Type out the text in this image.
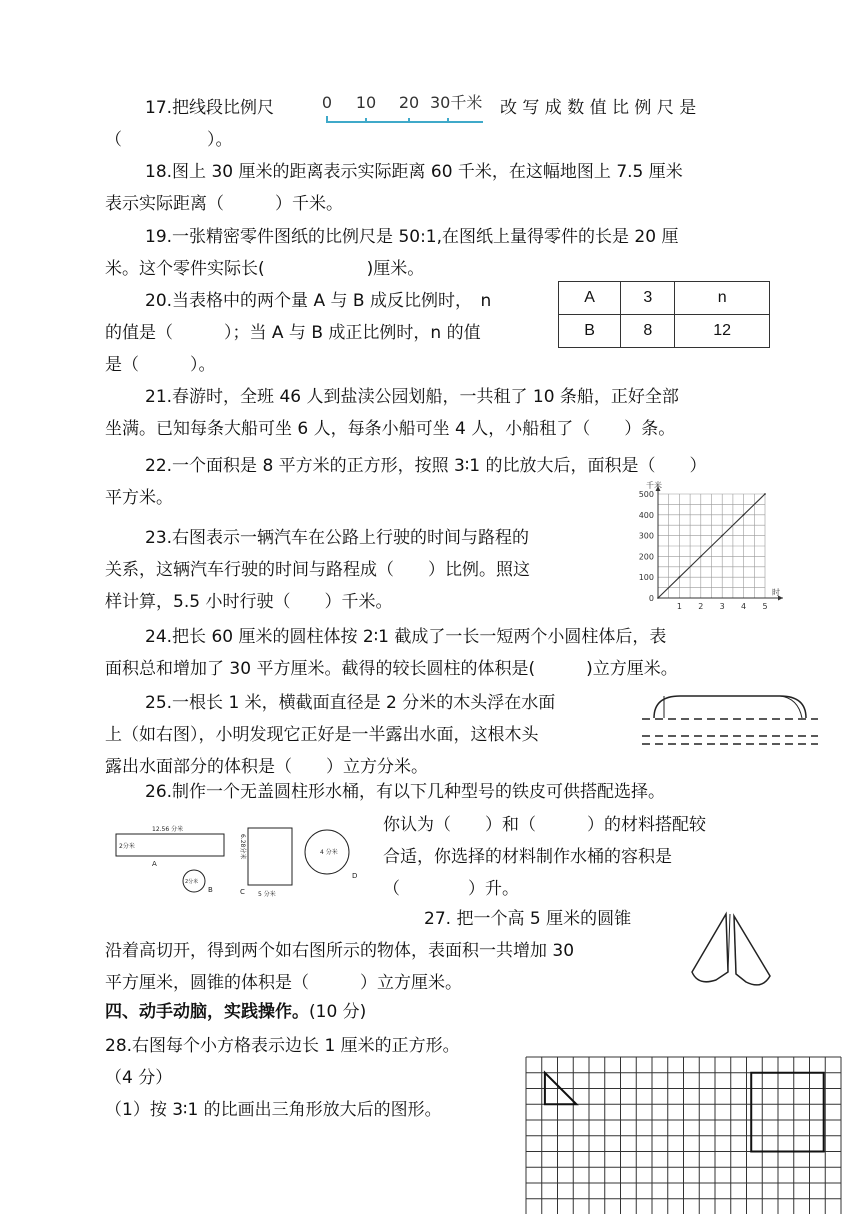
17.把线段比例尺	0 10 20 30千米 改 写 成 数 值 比 例 尺 是
（　　　　　）。
18.图上 30 厘米的距离表示实际距离 60 千米，在这幅地图上 7.5 厘米
表示实际距离（　　　）千米。
19.一张精密零件图纸的比例尺是 50:1,在图纸上量得零件的长是 20 厘
米。这个零件实际长(　　　　　　)厘米。
20.当表格中的两个量 A 与 B 成反比例时，　n
的值是（　　　）；当 A 与 B 成正比例时，n 的值
是（　　　）。
A	3	n
B	8	12
21.春游时，全班 46 人到盐渎公园划船，一共租了 10 条船，正好全部
坐满。已知每条大船可坐 6 人，每条小船可坐 4 人，小船租了（　　）条。
22.一个面积是 8 平方米的正方形，按照 3∶1 的比放大后，面积是（　　）
平方米。
23.右图表示一辆汽车在公路上行驶的时间与路程的
关系，这辆汽车行驶的时间与路程成（　　）比例。照这
样计算，5.5 小时行驶（　　）千米。	0
100
200
300
400
500
1 2 3 4 5
千米
时
24.把长 60 厘米的圆柱体按 2∶1 截成了一长一短两个小圆柱体后，表
面积总和增加了 30 平方厘米。截得的较长圆柱的体积是(　　　)立方厘米。
25.一根长 1 米，横截面直径是 2 分米的木头浮在水面
上（如右图），小明发现它正好是一半露出水面，这根木头
露出水面部分的体积是（　　）立方分米。
26.制作一个无盖圆柱形水桶，有以下几种型号的铁皮可供搭配选择。
你认为（　　）和（　　　）的材料搭配较
合适，你选择的材料制作水桶的容积是
（　　　　）升。
12.56 分米
2分米
A
2分米
B
6.28分米
5 分米
C
4 分米
D
27. 把一个高 5 厘米的圆锥
沿着高切开，得到两个如右图所示的物体，表面积一共增加 30
平方厘米，圆锥的体积是（　　　）立方厘米。
四、动手动脑，实践操作。(10 分)
28.右图每个小方格表示边长 1 厘米的正方形。
（4 分）
（1）按 3∶1 的比画出三角形放大后的图形。
